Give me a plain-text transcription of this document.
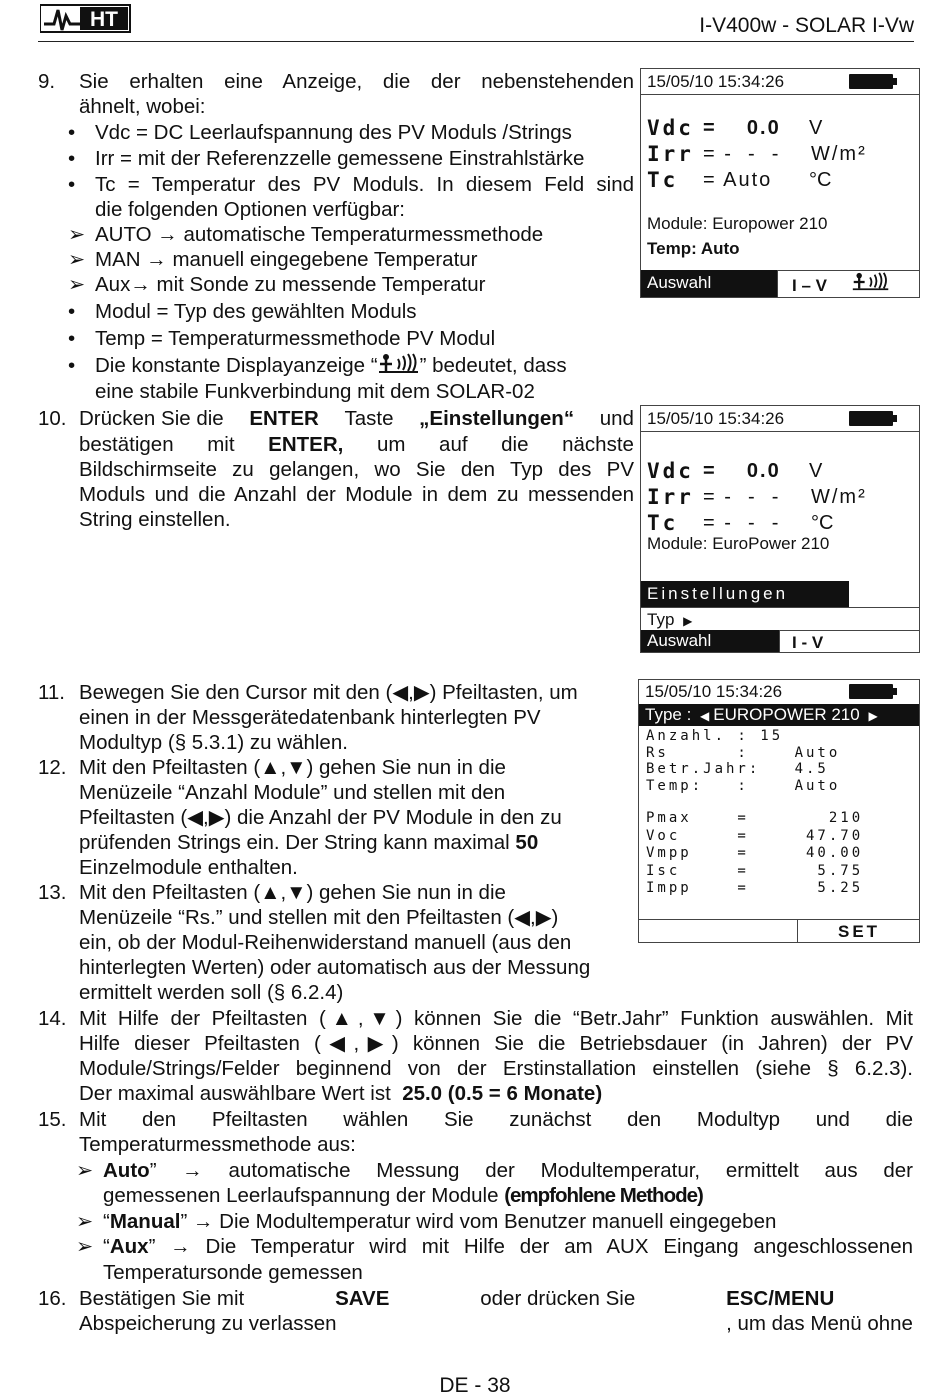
HT	I-V400w - SOLAR I-Vw
9. Sie erhalten eine Anzeige, die der nebenstehenden
ähnelt, wobei:
• Vdc = DC Leerlaufspannung des PV Moduls /Strings
• Irr = mit der Referenzzelle gemessene Einstrahlstärke
• Tc = Temperatur des PV Moduls. In diesem Feld sind
die folgenden Optionen verfügbar:
➢ AUTO → automatische Temperaturmessmethode
➢ MAN → manuell eingegebene Temperatur
➢ Aux→ mit Sonde zu messende Temperatur
• Modul = Typ des gewählten Moduls
• Temp = Temperaturmessmethode PV Modul
• Die konstante Displayanzeige “ ” bedeutet, dass
eine stabile Funkverbindung mit dem SOLAR-02
10. Drücken Sie die ENTER Taste „Einstellungen“ und
bestätigen mit ENTER, um auf die nächste
Bildschirmseite zu gelangen, wo Sie den Typ des PV
Moduls und die Anzahl der Module in dem zu messenden
String einstellen.
11. Bewegen Sie den Cursor mit den (◀,▶) Pfeiltasten, um
einen in der Messgerätedatenbank hinterlegten PV
Modultyp (§ 5.3.1) zu wählen.
12. Mit den Pfeiltasten (▲,▼) gehen Sie nun in die
Menüzeile “Anzahl Module” und stellen mit den
Pfeiltasten (◀,▶) die Anzahl der PV Module in den zu
prüfenden Strings ein. Der String kann maximal 50
Einzelmodule enthalten.
13. Mit den Pfeiltasten (▲,▼) gehen Sie nun in die
Menüzeile “Rs.” und stellen mit den Pfeiltasten (◀,▶)
ein, ob der Modul-Reihenwiderstand manuell (aus den
hinterlegten Werten) oder automatisch aus der Messung
ermittelt werden soll (§ 6.2.4)
14. Mit Hilfe der Pfeiltasten (▲,▼) können Sie die “Betr.Jahr” Funktion auswählen. Mit
Hilfe dieser Pfeiltasten (◀,▶) können Sie die Betriebsdauer (in Jahren) der PV
Module/Strings/Felder beginnend von der Erstinstallation einstellen (siehe § 6.2.3).
Der maximal auswählbare Wert ist 25.0 (0.5 = 6 Monate)
15. Mit den Pfeiltasten wählen Sie zunächst den Modultyp und die
Temperaturmessmethode aus:
➢ Auto ” → automatische Messung der Modultemperatur, ermittelt aus der
gemessenen Leerlaufspannung der Module (empfohlene Methode)
➢ “Manual” → Die Modultemperatur wird vom Benutzer manuell eingegeben
➢ “ Aux ” → Die Temperatur wird mit Hilfe der am AUX Eingang angeschlossenen
Temperatursonde gemessen
16. Bestätigen Sie mit	SAVE	oder drücken Sie	ESC/MENU
, um das Menü ohne
Abspeicherung zu verlassen
15/05/10 15:34:26
Vdc =    0.0 V
Irr = -  -  - W/m²
Tc = Auto °C
Module: Europower 210
Temp: Auto
Auswahl	I – V
15/05/10 15:34:26
Vdc =    0.0 V
Irr = -  -  - W/m²
Tc = -  -  - °C
Module: EuroPower 210
Einstellungen
Typ ▶
Auswahl	I - V
15/05/10 15:34:26
Type : ◀ EUROPOWER 210 ▶
Anzahl. : 15
Rs      :    Auto
Betr.Jahr:   4.5
Temp:   :    Auto
Pmax    =       210
Voc     =     47.70
Vmpp    =     40.00
Isc     =      5.75
Impp    =      5.25
SET
DE - 38
